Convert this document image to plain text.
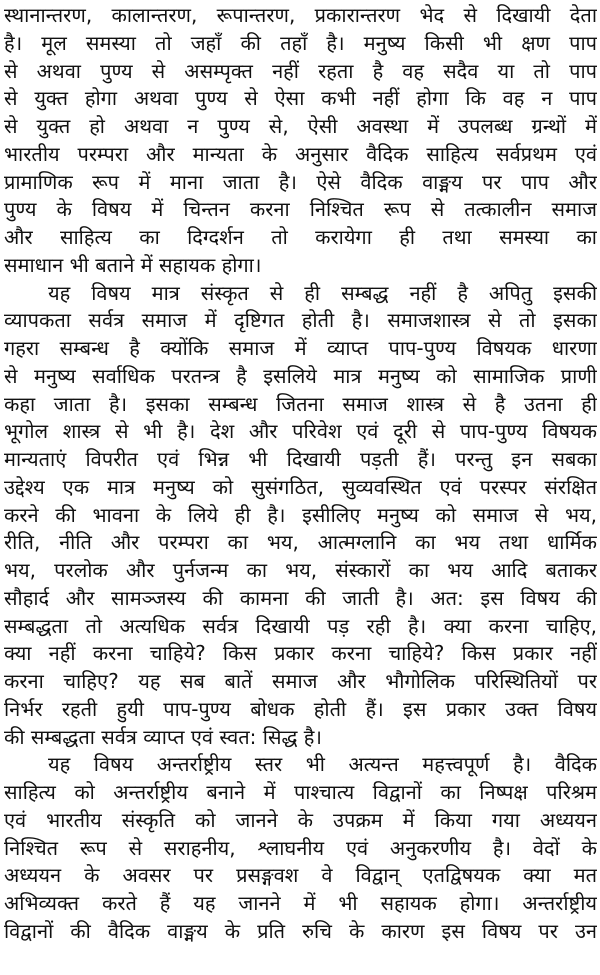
स्थानान्तरण, कालान्तरण, रूपान्तरण, प्रकारान्तरण भेद से दिखायी देता
है। मूल समस्या तो जहाँ की तहाँ है। मनुष्य किसी भी क्षण पाप
से अथवा पुण्य से असम्पृक्त नहीं रहता है वह सदैव या तो पाप
से युक्त होगा अथवा पुण्य से ऐसा कभी नहीं होगा कि वह न पाप
से युक्त हो अथवा न पुण्य से, ऐसी अवस्था में उपलब्ध ग्रन्थों में
भारतीय परम्परा और मान्यता के अनुसार वैदिक साहित्य सर्वप्रथम एवं
प्रामाणिक रूप में माना जाता है। ऐसे वैदिक वाङ्मय पर पाप और
पुण्य के विषय में चिन्तन करना निश्चित रूप से तत्कालीन समाज
और साहित्य का दिग्दर्शन तो करायेगा ही तथा समस्या का
समाधान भी बताने में सहायक होगा।
यह विषय मात्र संस्कृत से ही सम्बद्ध नहीं है अपितु इसकी
व्यापकता सर्वत्र समाज में दृष्टिगत होती है। समाजशास्त्र से तो इसका
गहरा सम्बन्ध है क्योंकि समाज में व्याप्त पाप-पुण्य विषयक धारणा
से मनुष्य सर्वाधिक परतन्त्र है इसलिये मात्र मनुष्य को सामाजिक प्राणी
कहा जाता है। इसका सम्बन्ध जितना समाज शास्त्र से है उतना ही
भूगोल शास्त्र से भी है। देश और परिवेश एवं दूरी से पाप-पुण्य विषयक
मान्यताएं विपरीत एवं भिन्न भी दिखायी पड़ती हैं। परन्तु इन सबका
उद्देश्य एक मात्र मनुष्य को सुसंगठित, सुव्यवस्थित एवं परस्पर संरक्षित
करने की भावना के लिये ही है। इसीलिए मनुष्य को समाज से भय,
रीति, नीति और परम्परा का भय, आत्मग्लानि का भय तथा धार्मिक
भय, परलोक और पुर्नजन्म का भय, संस्कारों का भय आदि बताकर
सौहार्द और सामञ्जस्य की कामना की जाती है। अत: इस विषय की
सम्बद्धता तो अत्यधिक सर्वत्र दिखायी पड़ रही है। क्या करना चाहिए,
क्या नहीं करना चाहिये? किस प्रकार करना चाहिये? किस प्रकार नहीं
करना चाहिए? यह सब बातें समाज और भौगोलिक परिस्थितियों पर
निर्भर रहती हुयी पाप-पुण्य बोधक होती हैं। इस प्रकार उक्त विषय
की सम्बद्धता सर्वत्र व्याप्त एवं स्वत: सिद्ध है।
यह विषय अन्तर्राष्ट्रीय स्तर भी अत्यन्त महत्त्वपूर्ण है। वैदिक
साहित्य को अन्तर्राष्ट्रीय बनाने में पाश्चात्य विद्वानों का निष्पक्ष परिश्रम
एवं भारतीय संस्कृति को जानने के उपक्रम में किया गया अध्ययन
निश्चित रूप से सराहनीय, श्लाघनीय एवं अनुकरणीय है। वेदों के
अध्ययन के अवसर पर प्रसङ्गवश वे विद्वान् एतद्विषयक क्या मत
अभिव्यक्त करते हैं यह जानने में भी सहायक होगा। अन्तर्राष्ट्रीय
विद्वानों की वैदिक वाङ्मय के प्रति रुचि के कारण इस विषय पर उन
